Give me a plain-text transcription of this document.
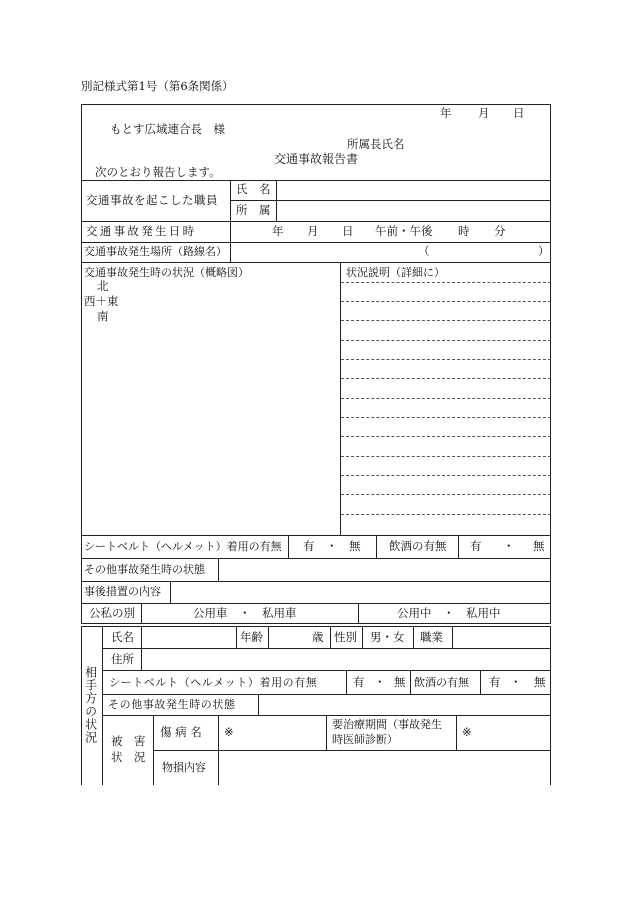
別記様式第1号（第6条関係）
年 月 日
もとす広域連合長　様
所属長氏名
交通事故報告書
次のとおり報告します。
交通事故を起こした職員
氏　名
所　属
交通事故発生日時	年 月 日 午前・午後 時 分
交通事故発生場所（路線名）	（	）
交通事故発生時の状況（概略図）
北
西＋東
南
状況説明（詳細に）
シートベルト（ヘルメット）着用の有無 有 ・ 無 飲酒の有無 有 ・ 無
その他事故発生時の状態
事後措置の内容
公私の別	公用車　・　私用車	公用中　・　私用中
相手方の状況
氏名	年齢	歳 性別 男・女 職業
住所
シートベルト（ヘルメット）着用の有無	有 ・ 無 飲酒の有無 有 ・ 無
その他事故発生時の状態
被　害
状　況
傷 病 名 ※
要治療期間（事故発生
時医師診断）
※
物損内容
